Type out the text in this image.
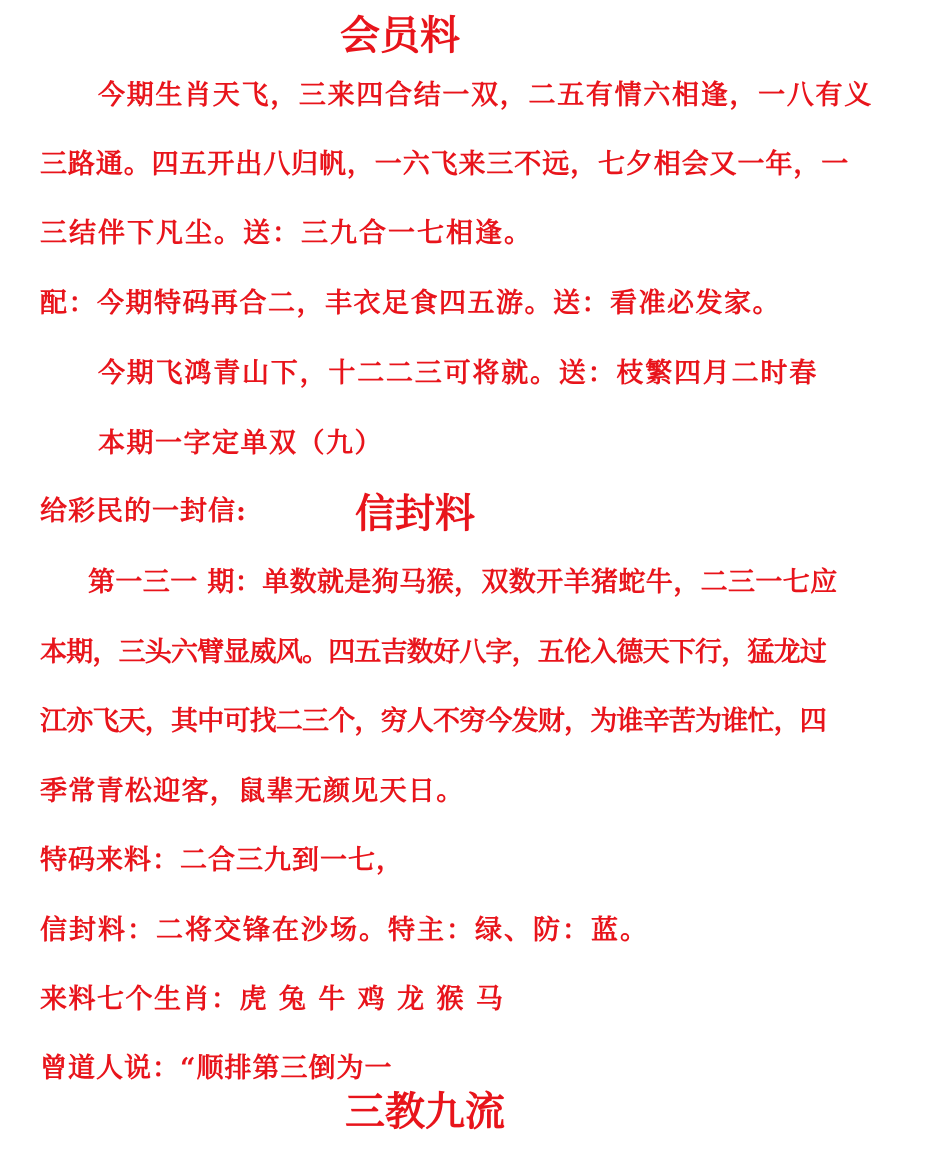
会员料
今期生肖天飞，三来四合结一双，二五有情六相逢，一八有义
三路通。四五开出八归帆，一六飞来三不远，七夕相会又一年，一
三结伴下凡尘。送：三九合一七相逢。
配：今期特码再合二，丰衣足食四五游。送：看准必发家。
今期飞鸿青山下，十二二三可将就。送：枝繁四月二时春
本期一字定单双（九）
给彩民的一封信:	信封料
第一三一 期：单数就是狗马猴，双数开羊猪蛇牛，二三一七应
本期，三头六臂显威风。四五吉数好八字，五伦入德天下行，猛龙过
江亦飞天，其中可找二三个，穷人不穷今发财，为谁辛苦为谁忙，四
季常青松迎客，鼠辈无颜见天日。
特码来料：二合三九到一七，
信封料：二将交锋在沙场。特主：绿、防：蓝。
来料七个生肖：虎 兔 牛 鸡 龙 猴 马
曾道人说：“顺排第三倒为一
三教九流
